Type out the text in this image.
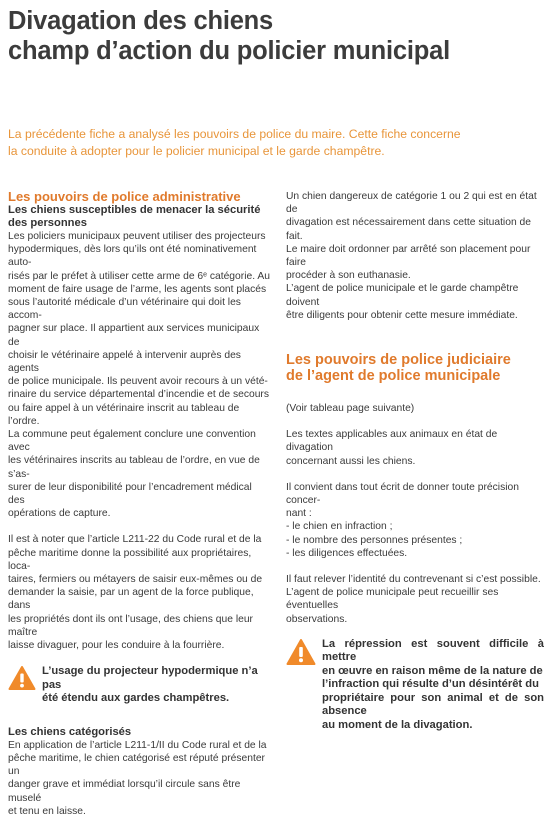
Divagation des chiens
champ d’action du policier municipal
La précédente fiche a analysé les pouvoirs de police du maire. Cette fiche concerne
la conduite à adopter pour le policier municipal et le garde champêtre.
Les pouvoirs de police administrative
Les chiens susceptibles de menacer la sécurité
des personnes

Les policiers municipaux peuvent utiliser des projecteurs

hypodermiques, dès lors qu’ils ont été nominativement auto-

risés par le préfet à utiliser cette arme de 6ᵉ catégorie. Au

moment de faire usage de l’arme, les agents sont placés

sous l’autorité médicale d’un vétérinaire qui doit les accom-

pagner sur place. Il appartient aux services municipaux de

choisir le vétérinaire appelé à intervenir auprès des agents

de police municipale. Ils peuvent avoir recours à un vété-

rinaire du service départemental d’incendie et de secours

ou faire appel à un vétérinaire inscrit au tableau de l’ordre.

La commune peut également conclure une convention avec

les vétérinaires inscrits au tableau de l’ordre, en vue de s’as-

surer de leur disponibilité pour l’encadrement médical des

opérations de capture.

Il est à noter que l’article L211-22 du Code rural et de la

pêche maritime donne la possibilité aux propriétaires, loca-

taires, fermiers ou métayers de saisir eux-mêmes ou de

demander la saisie, par un agent de la force publique, dans

les propriétés dont ils ont l’usage, des chiens que leur maître

laisse divaguer, pour les conduire à la fourrière.

L’usage du projecteur hypodermique n’a pas
été étendu aux gardes champêtres.
Les chiens catégorisés

En application de l’article L211-1/II du Code rural et de la

pêche maritime, le chien catégorisé est réputé présenter un

danger grave et immédiat lorsqu’il circule sans être muselé

et tenu en laisse.

Un chien dangereux de catégorie 1 ou 2 qui est en état de

divagation est nécessairement dans cette situation de fait.

Le maire doit ordonner par arrêté son placement pour faire

procéder à son euthanasie.

L’agent de police municipale et le garde champêtre doivent

être diligents pour obtenir cette mesure immédiate.

Les pouvoirs de police judiciaire
de l’agent de police municipale

(Voir tableau page suivante)

Les textes applicables aux animaux en état de divagation

concernant aussi les chiens.

Il convient dans tout écrit de donner toute précision concer-

nant :

- le chien en infraction ;

- le nombre des personnes présentes ;

- les diligences effectuées.

Il faut relever l’identité du contrevenant si c’est possible.

L’agent de police municipale peut recueillir ses éventuelles

observations.

La répression est souvent difficile à mettre
en œuvre en raison même de la nature de
l’infraction qui résulte d’un désintérêt du
propriétaire pour son animal et de son absence
au moment de la divagation.
